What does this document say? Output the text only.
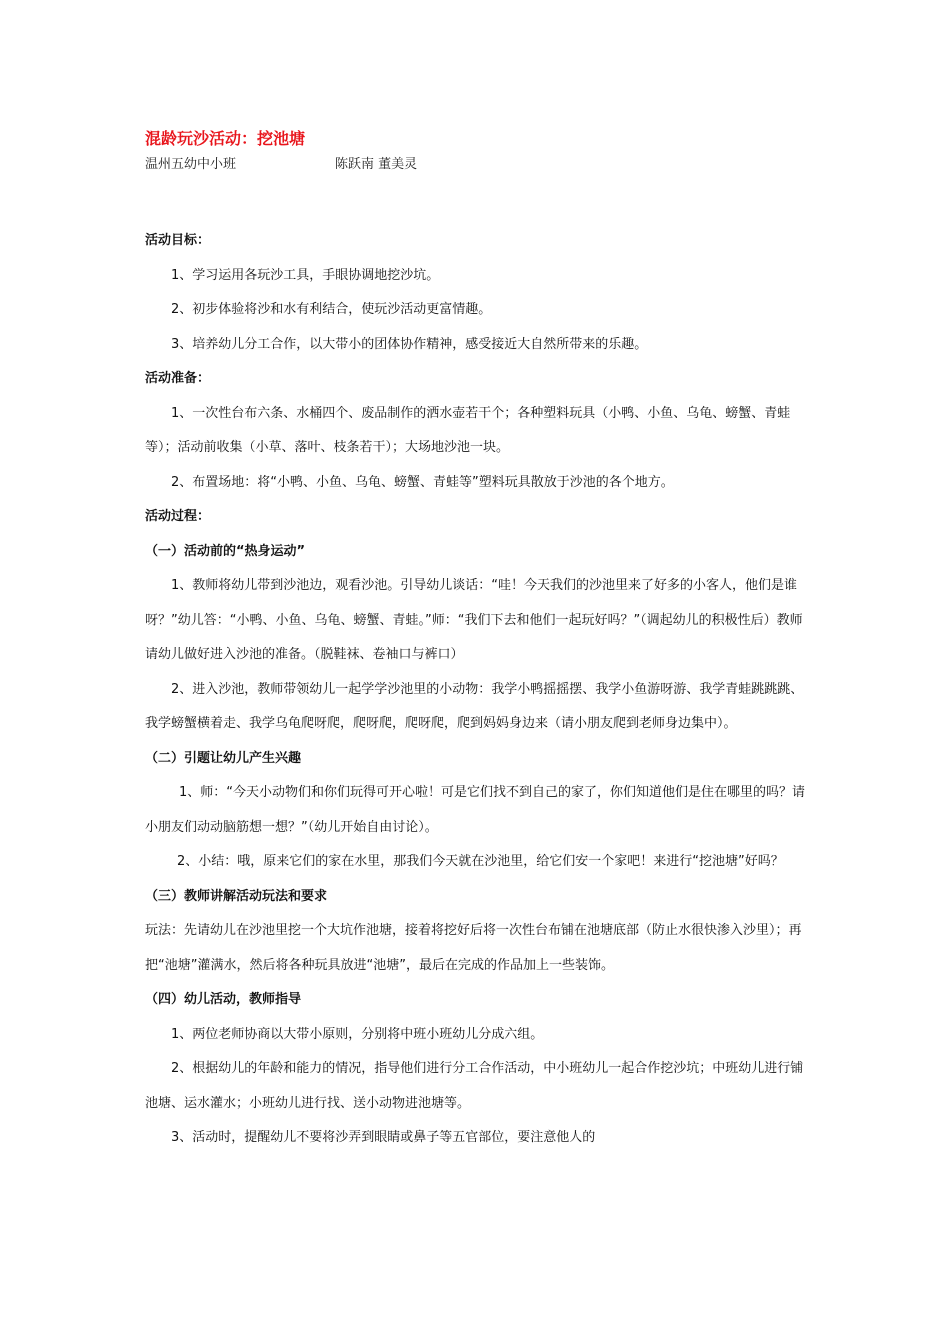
混龄玩沙活动：挖池塘
温州五幼中小班	陈跃南 董美灵

活动目标：

1、学习运用各玩沙工具，手眼协调地挖沙坑。

2、初步体验将沙和水有利结合，使玩沙活动更富情趣。

3、培养幼儿分工合作，以大带小的团体协作精神，感受接近大自然所带来的乐趣。

活动准备：

1、一次性台布六条、水桶四个、废品制作的洒水壶若干个；各种塑料玩具（小鸭、小鱼、乌龟、螃蟹、青蛙等）；活动前收集（小草、落叶、枝条若干）；大场地沙池一块。

2、布置场地：将“小鸭、小鱼、乌龟、螃蟹、青蛙等”塑料玩具散放于沙池的各个地方。

活动过程：

（一）活动前的“热身运动”

1、教师将幼儿带到沙池边，观看沙池。引导幼儿谈话：“哇！今天我们的沙池里来了好多的小客人，他们是谁呀？”幼儿答：“小鸭、小鱼、乌龟、螃蟹、青蛙。”师：“我们下去和他们一起玩好吗？”（调起幼儿的积极性后）教师请幼儿做好进入沙池的准备。（脱鞋袜、卷袖口与裤口）

2、进入沙池，教师带领幼儿一起学学沙池里的小动物：我学小鸭摇摇摆、我学小鱼游呀游、我学青蛙跳跳跳、我学螃蟹横着走、我学乌龟爬呀爬，爬呀爬，爬呀爬，爬到妈妈身边来（请小朋友爬到老师身边集中）。

（二）引题让幼儿产生兴趣

1、师：“今天小动物们和你们玩得可开心啦！可是它们找不到自己的家了，你们知道他们是住在哪里的吗？请小朋友们动动脑筋想一想？”（幼儿开始自由讨论）。

2、小结：哦，原来它们的家在水里，那我们今天就在沙池里，给它们安一个家吧！来进行“挖池塘”好吗？

（三）教师讲解活动玩法和要求

玩法：先请幼儿在沙池里挖一个大坑作池塘，接着将挖好后将一次性台布铺在池塘底部（防止水很快渗入沙里）；再把“池塘”灌满水，然后将各种玩具放进“池塘”，最后在完成的作品加上一些装饰。

（四）幼儿活动，教师指导

1、两位老师协商以大带小原则，分别将中班小班幼儿分成六组。

2、根据幼儿的年龄和能力的情况，指导他们进行分工合作活动，中小班幼儿一起合作挖沙坑；中班幼儿进行铺池塘、运水灌水；小班幼儿进行找、送小动物进池塘等。

3、活动时，提醒幼儿不要将沙弄到眼睛或鼻子等五官部位，要注意他人的
